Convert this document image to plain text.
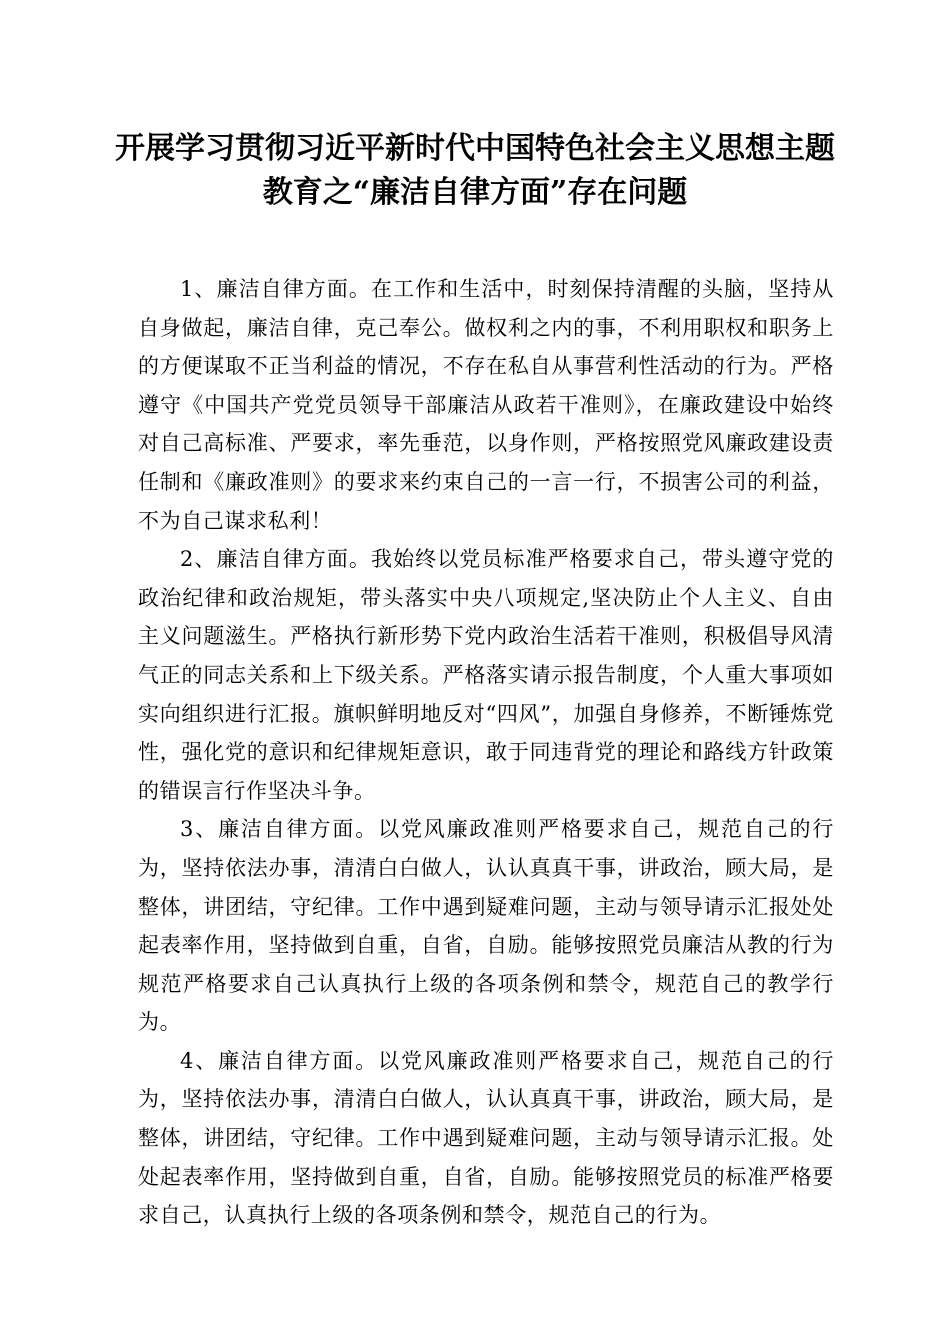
开展学习贯彻习近平新时代中国特色社会主义思想主题
教育之“廉洁自律方面”存在问题

1、廉洁自律方面。在工作和生活中，时刻保持清醒的头脑，坚持从自身做起，廉洁自律，克己奉公。做权利之内的事，不利用职权和职务上的方便谋取不正当利益的情况，不存在私自从事营利性活动的行为。严格遵守《中国共产党党员领导干部廉洁从政若干准则》，在廉政建设中始终对自己高标准、严要求，率先垂范，以身作则，严格按照党风廉政建设责任制和《廉政准则》的要求来约束自己的一言一行，不损害公司的利益，不为自己谋求私利！

2、廉洁自律方面。我始终以党员标准严格要求自己，带头遵守党的政治纪律和政治规矩，带头落实中央八项规定,坚决防止个人主义、自由主义问题滋生。严格执行新形势下党内政治生活若干准则，积极倡导风清气正的同志关系和上下级关系。严格落实请示报告制度，个人重大事项如实向组织进行汇报。旗帜鲜明地反对“四风”，加强自身修养，不断锤炼党性，强化党的意识和纪律规矩意识，敢于同违背党的理论和路线方针政策的错误言行作坚决斗争。

3、廉洁自律方面。以党风廉政准则严格要求自己，规范自己的行为，坚持依法办事，清清白白做人，认认真真干事，讲政治，顾大局，是整体，讲团结，守纪律。工作中遇到疑难问题，主动与领导请示汇报处处起表率作用，坚持做到自重，自省，自励。能够按照党员廉洁从教的行为规范严格要求自己认真执行上级的各项条例和禁令，规范自己的教学行为。

4、廉洁自律方面。以党风廉政准则严格要求自己，规范自己的行为，坚持依法办事，清清白白做人，认认真真干事，讲政治，顾大局，是整体，讲团结，守纪律。工作中遇到疑难问题，主动与领导请示汇报。处处起表率作用，坚持做到自重，自省，自励。能够按照党员的标准严格要求自己，认真执行上级的各项条例和禁令，规范自己的行为。
